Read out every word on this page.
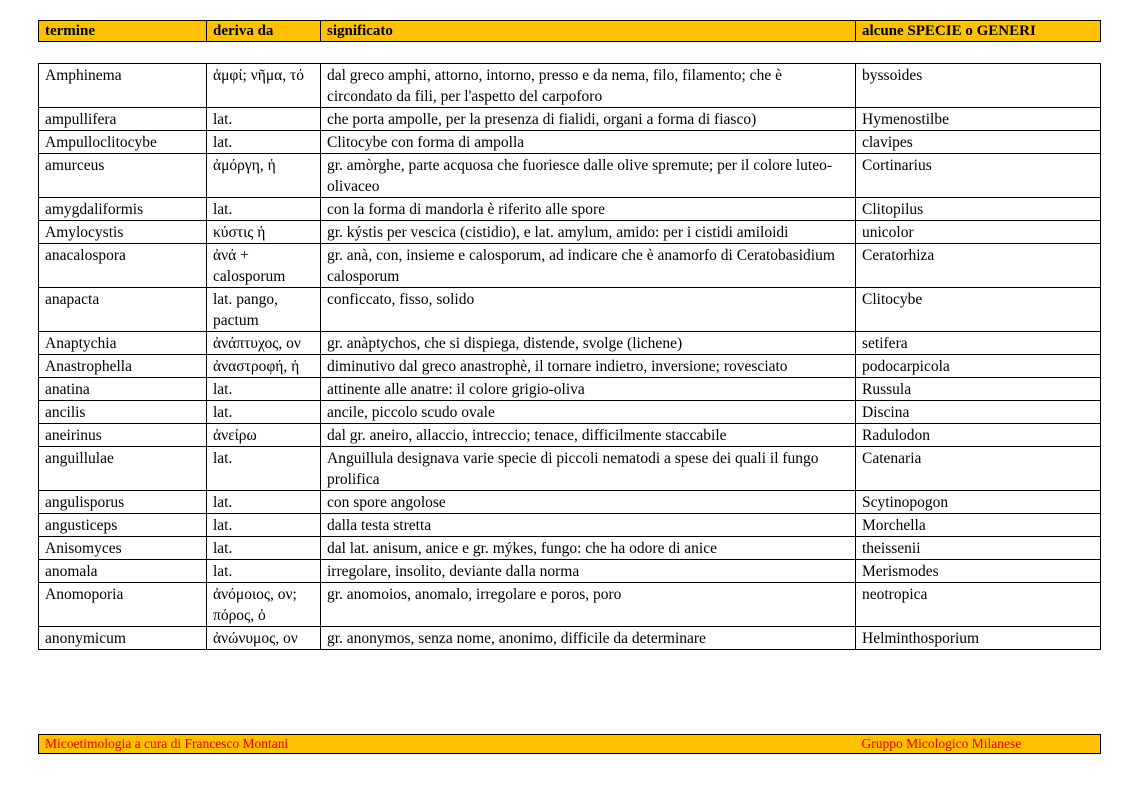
termine	deriva da	significato	alcune SPECIE o GENERI
Amphinema	ἀμφί; νῆμα, τό	dal greco amphi, attorno, intorno, presso e da nema, filo, filamento; che è circondato da fili, per l'aspetto del carpoforo	byssoides
ampullifera	lat.	che porta ampolle, per la presenza di fialidi, organi a forma di fiasco)	Hymenostilbe
Ampulloclitocybe	lat.	Clitocybe con forma di ampolla	clavipes
amurceus	ἀμόργη, ἡ	gr. amòrghe, parte acquosa che fuoriesce dalle olive spremute; per il colore luteo-olivaceo	Cortinarius
amygdaliformis	lat.	con la forma di mandorla è riferito alle spore	Clitopilus
Amylocystis	κύστις ἡ	gr. kýstis per vescica (cistidio), e lat. amylum, amido: per i cistidi amiloidi	unicolor
anacalospora	ἀνά + calosporum	gr. anà, con, insieme e calosporum, ad indicare che è anamorfo di Ceratobasidium calosporum	Ceratorhiza
anapacta	lat. pango, pactum	conficcato, fisso, solido	Clitocybe
Anaptychia	ἀνάπτυχος, ον	gr. anàptychos, che si dispiega, distende, svolge (lichene)	setifera
Anastrophella	ἀναστροφή, ἡ	diminutivo dal greco anastrophè, il tornare indietro, inversione; rovesciato	podocarpicola
anatina	lat.	attinente alle anatre: il colore grigio-oliva	Russula
ancilis	lat.	ancile, piccolo scudo ovale	Discina
aneirinus	ἀνείρω	dal gr. aneiro, allaccio, intreccio; tenace, difficilmente staccabile	Radulodon
anguillulae	lat.	Anguillula designava varie specie di piccoli nematodi a spese dei quali il fungo prolifica	Catenaria
angulisporus	lat.	con spore angolose	Scytinopogon
angusticeps	lat.	dalla testa stretta	Morchella
Anisomyces	lat.	dal lat. anisum, anice e gr. mýkes, fungo: che ha odore di anice	theissenii
anomala	lat.	irregolare, insolito, deviante dalla norma	Merismodes
Anomoporia	ἀνόμοιος, ον; πόρος, ὁ	gr. anomoios, anomalo, irregolare e poros, poro	neotropica
anonymicum	ἀνώνυμος, ον	gr. anonymos, senza nome, anonimo, difficile da determinare	Helminthosporium
Micoetimologia a cura di Francesco Montani	Gruppo Micologico Milanese
